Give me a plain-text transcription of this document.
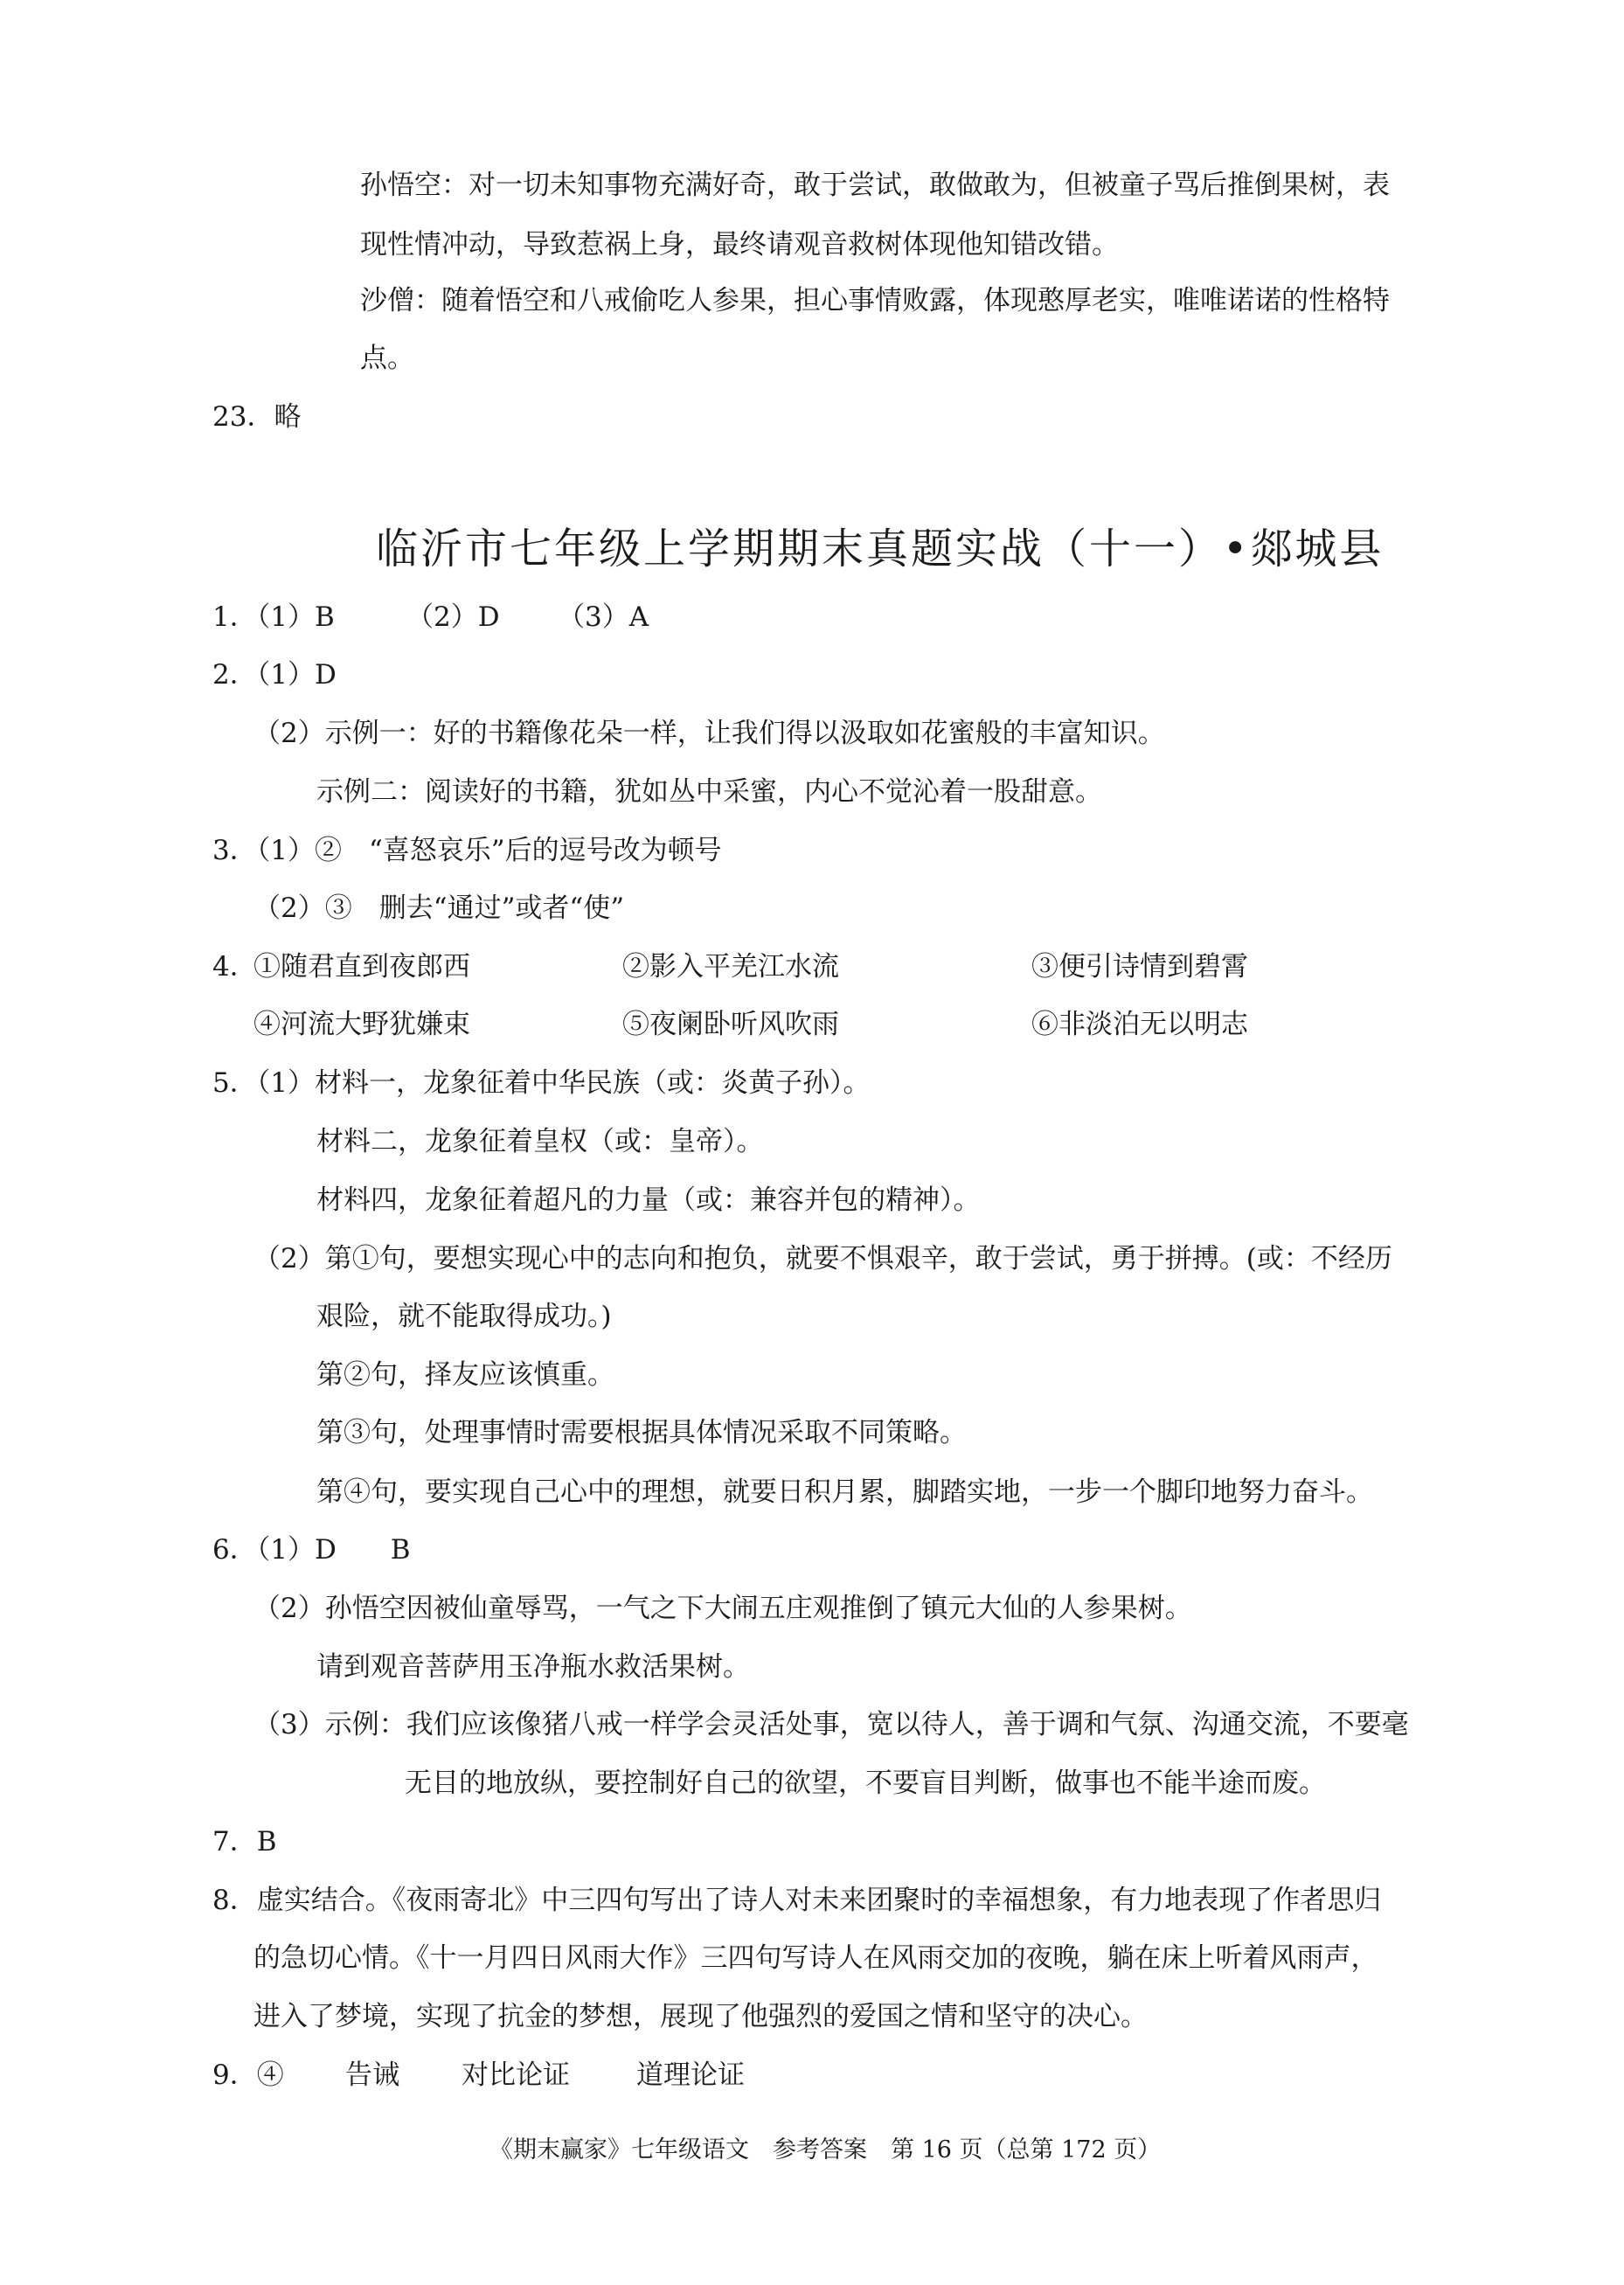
孙悟空：对一切未知事物充满好奇，敢于尝试，敢做敢为，但被童子骂后推倒果树，表
现性情冲动，导致惹祸上身，最终请观音救树体现他知错改错。
沙僧：随着悟空和八戒偷吃人参果，担心事情败露，体现憨厚老实，唯唯诺诺的性格特
点。
23．略
临沂市七年级上学期期末真题实战（十一）•郯城县
1．（1）B	（2）D （3）A
2．（1）D
（2）示例一：好的书籍像花朵一样，让我们得以汲取如花蜜般的丰富知识。
示例二：阅读好的书籍，犹如丛中采蜜，内心不觉沁着一股甜意。
3．（1）②　“喜怒哀乐”后的逗号改为顿号
（2）③　删去“通过”或者“使”
4．
①随君直到夜郎西	②影入平羌江水流	③便引诗情到碧霄
④河流大野犹嫌束	⑤夜阑卧听风吹雨	⑥非淡泊无以明志
5．（1）材料一，龙象征着中华民族（或：炎黄子孙）。
材料二，龙象征着皇权（或：皇帝）。
材料四，龙象征着超凡的力量（或：兼容并包的精神）。
（2）第①句，要想实现心中的志向和抱负，就要不惧艰辛，敢于尝试，勇于拼搏。(或：不经历
艰险，就不能取得成功。)
第②句，择友应该慎重。
第③句，处理事情时需要根据具体情况采取不同策略。
第④句，要实现自己心中的理想，就要日积月累，脚踏实地，一步一个脚印地努力奋斗。
6．（1）D　　B
（2）孙悟空因被仙童辱骂，一气之下大闹五庄观推倒了镇元大仙的人参果树。
请到观音菩萨用玉净瓶水救活果树。
（3）示例：我们应该像猪八戒一样学会灵活处事，宽以待人，善于调和气氛、沟通交流，不要毫
无目的地放纵，要控制好自己的欲望，不要盲目判断，做事也不能半途而废。
7．B
8．虚实结合。《夜雨寄北》中三四句写出了诗人对未来团聚时的幸福想象，有力地表现了作者思归
的急切心情。《十一月四日风雨大作》三四句写诗人在风雨交加的夜晚，躺在床上听着风雨声，
进入了梦境，实现了抗金的梦想，展现了他强烈的爱国之情和坚守的决心。
9．④ 告诫 对比论证 道理论证
《期末赢家》七年级语文　参考答案　第 16 页（总第 172 页）
